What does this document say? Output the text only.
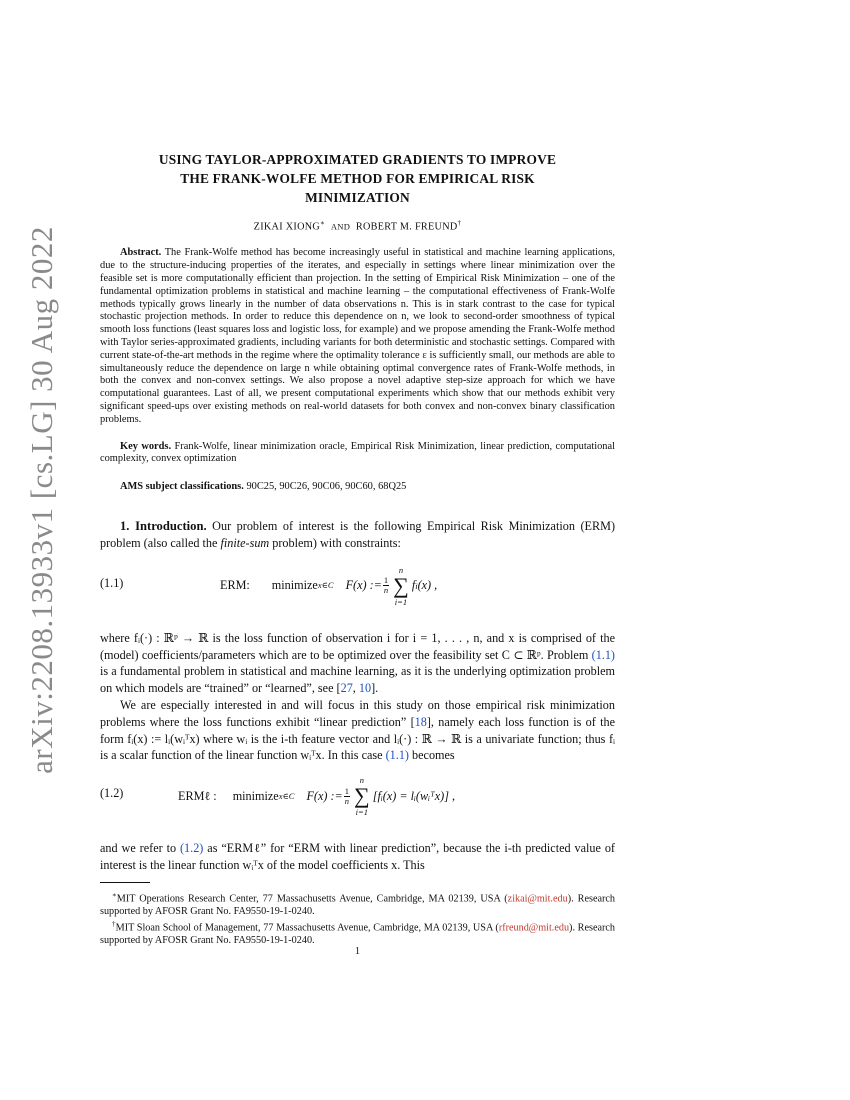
arXiv:2208.13933v1 [cs.LG] 30 Aug 2022
USING TAYLOR-APPROXIMATED GRADIENTS TO IMPROVE
THE FRANK-WOLFE METHOD FOR EMPIRICAL RISK
MINIMIZATION
ZIKAI XIONG∗ AND ROBERT M. FREUND†
Abstract. The Frank-Wolfe method has become increasingly useful in statistical and machine learning applications, due to the structure-inducing properties of the iterates, and especially in settings where linear minimization over the feasible set is more computationally efficient than projection. In the setting of Empirical Risk Minimization – one of the fundamental optimization problems in statistical and machine learning – the computational effectiveness of Frank-Wolfe methods typically grows linearly in the number of data observations n. This is in stark contrast to the case for typical stochastic projection methods. In order to reduce this dependence on n, we look to second-order smoothness of typical smooth loss functions (least squares loss and logistic loss, for example) and we propose amending the Frank-Wolfe method with Taylor series-approximated gradients, including variants for both deterministic and stochastic settings. Compared with current state-of-the-art methods in the regime where the optimality tolerance ε is sufficiently small, our methods are able to simultaneously reduce the dependence on large n while obtaining optimal convergence rates of Frank-Wolfe methods, in both the convex and non-convex settings. We also propose a novel adaptive step-size approach for which we have computational guarantees. Last of all, we present computational experiments which show that our methods exhibit very significant speed-ups over existing methods on real-world datasets for both convex and non-convex binary classification problems.
Key words. Frank-Wolfe, linear minimization oracle, Empirical Risk Minimization, linear prediction, computational complexity, convex optimization
AMS subject classifications. 90C25, 90C26, 90C06, 90C60, 68Q25

1. Introduction. Our problem of interest is the following Empirical Risk Minimization (ERM) problem (also called the finite-sum problem) with constraints:

(1.1)	ERM: minimize x∈C F(x) := $\frac{1}{n}$
n
∑
i=1
f i (x) ,

where fᵢ(·) : ℝᵖ → ℝ is the loss function of observation i for i = 1, . . . , n, and x is comprised of the (model) coefficients/parameters which are to be optimized over the feasibility set C ⊂ ℝᵖ. Problem (1.1) is a fundamental problem in statistical and machine learning, as it is the underlying optimization problem on which models are “trained” or “learned”, see [27, 10].

We are especially interested in and will focus in this study on those empirical risk minimization problems where the loss functions exhibit “linear prediction” [18], namely each loss function is of the form fᵢ(x) := lᵢ(wᵢᵀx) where wᵢ is the i-th feature vector and lᵢ(·) : ℝ → ℝ is a univariate function; thus fᵢ is a scalar function of the linear function wᵢᵀx. In this case (1.1) becomes

(1.2)	ERMℓ : minimize x∈C F(x) := $\frac{1}{n}$
n
∑
i=1
[fᵢ(x) = lᵢ(wᵢᵀx)] ,

and we refer to (1.2) as “ERMℓ” for “ERM with linear prediction”, because the i-th predicted value of interest is the linear function wᵢᵀx of the model coefficients x. This

∗MIT Operations Research Center, 77 Massachusetts Avenue, Cambridge, MA 02139, USA (zikai@mit.edu). Research supported by AFOSR Grant No. FA9550-19-1-0240.

†MIT Sloan School of Management, 77 Massachusetts Avenue, Cambridge, MA 02139, USA (rfreund@mit.edu). Research supported by AFOSR Grant No. FA9550-19-1-0240.

1
